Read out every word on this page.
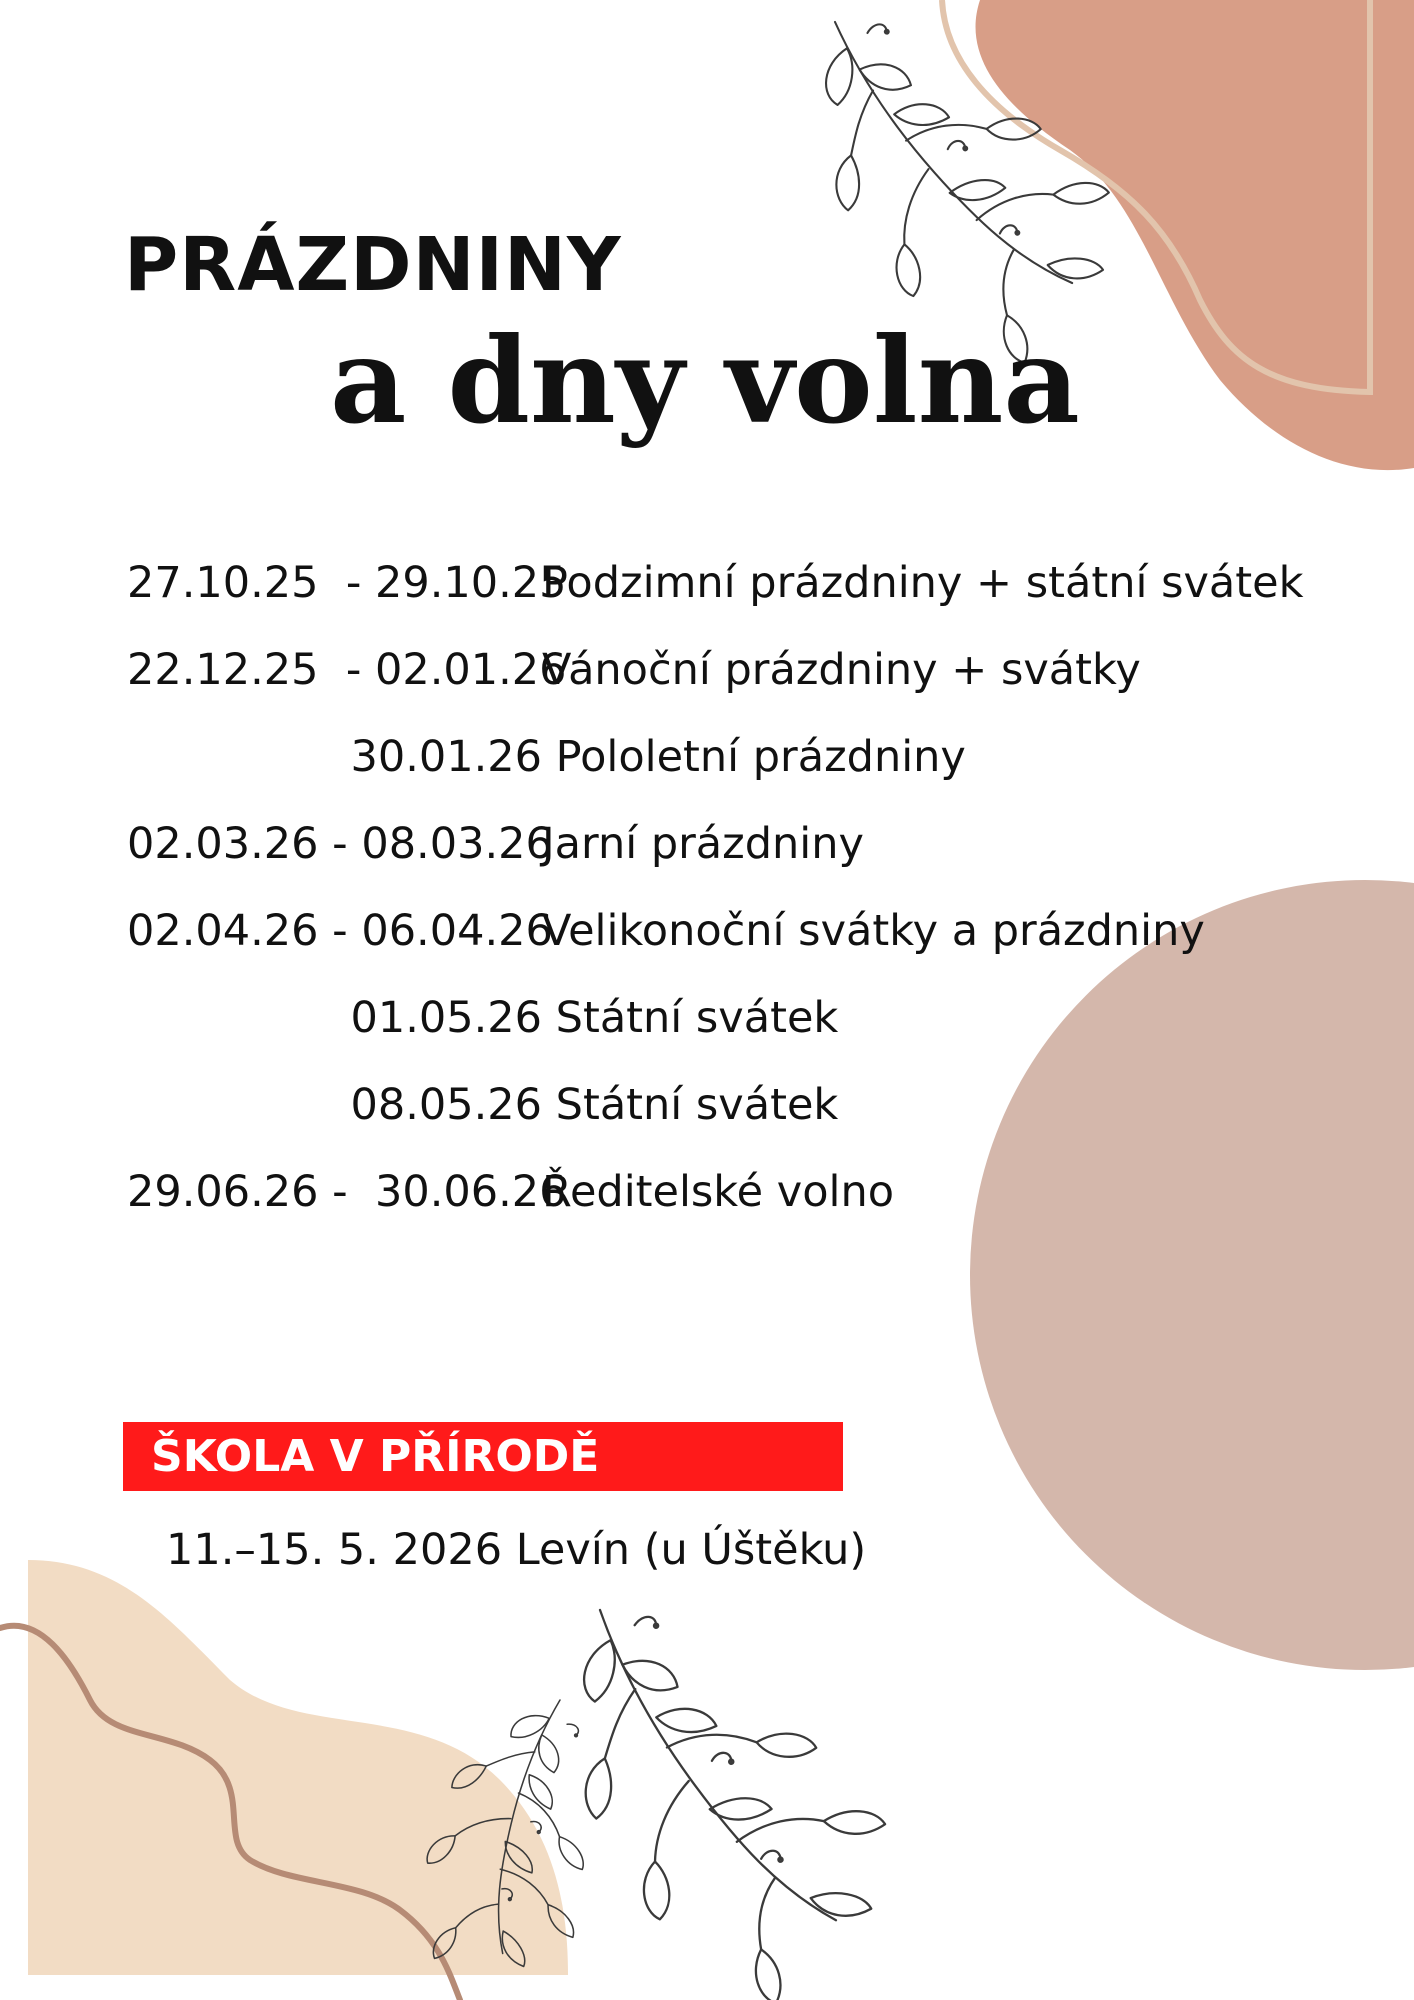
PRÁZDNINY
a dny volna
27.10.25  - 29.10.25Podzimní prázdniny + státní svátek
22.12.25  - 02.01.26Vánoční prázdniny + svátky
30.01.26 Pololetní prázdniny
02.03.26 - 08.03.26Jarní prázdniny
02.04.26 - 06.04.26Velikonoční svátky a prázdniny
01.05.26 Státní svátek
08.05.26 Státní svátek
29.06.26 -  30.06.26Ředitelské volno
ŠKOLA V PŘÍRODĚ

11.–15. 5. 2026 Levín (u Úštěku)
